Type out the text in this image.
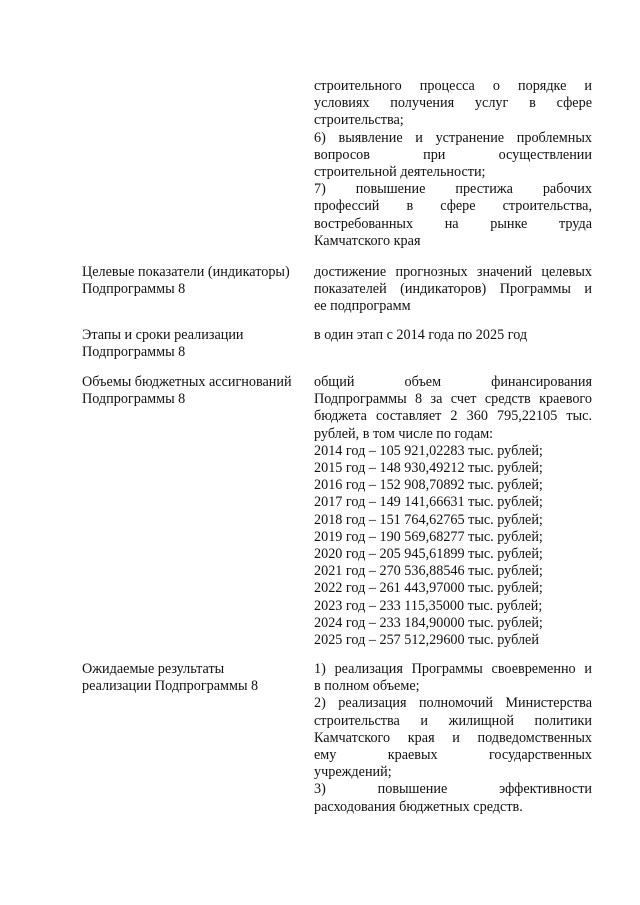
строительного процесса о порядке и
условиях получения услуг в сфере
строительства;
6) выявление и устранение проблемных
вопросов при осуществлении
строительной деятельности;
7) повышение престижа рабочих
профессий в сфере строительства,
востребованных на рынке труда
Камчатского края
Целевые показатели (индикаторы)
Подпрограммы 8
достижение прогнозных значений целевых
показателей (индикаторов) Программы и
ее подпрограмм
Этапы и сроки реализации
Подпрограммы 8
в один этап с 2014 года по 2025 год
Объемы бюджетных ассигнований
Подпрограммы 8
общий объем финансирования
Подпрограммы 8 за счет средств краевого
бюджета составляет 2 360 795,22105 тыс.
рублей, в том числе по годам:
2014 год – 105 921,02283 тыс. рублей;
2015 год – 148 930,49212 тыс. рублей;
2016 год – 152 908,70892 тыс. рублей;
2017 год – 149 141,66631 тыс. рублей;
2018 год – 151 764,62765 тыс. рублей;
2019 год – 190 569,68277 тыс. рублей;
2020 год – 205 945,61899 тыс. рублей;
2021 год – 270 536,88546 тыс. рублей;
2022 год – 261 443,97000 тыс. рублей;
2023 год – 233 115,35000 тыс. рублей;
2024 год – 233 184,90000 тыс. рублей;
2025 год – 257 512,29600 тыс. рублей
Ожидаемые результаты
реализации Подпрограммы 8
1) реализация Программы своевременно и
в полном объеме;
2) реализация полномочий Министерства
строительства и жилищной политики
Камчатского края и подведомственных
ему краевых государственных
учреждений;
3) повышение эффективности
расходования бюджетных средств.
